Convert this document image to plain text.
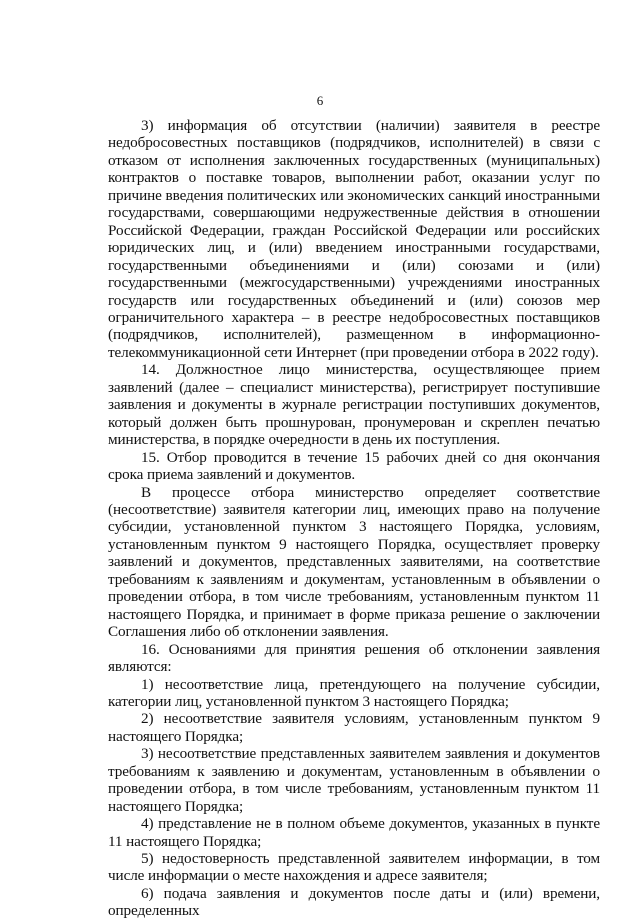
6

3) информация об отсутствии (наличии) заявителя в реестре недобросовестных поставщиков (подрядчиков, исполнителей) в связи с отказом от исполнения заключенных государственных (муниципальных) контрактов о поставке товаров, выполнении работ, оказании услуг по причине введения политических или экономических санкций иностранными государствами, совершающими недружественные действия в отношении Российской Федерации, граждан Российской Федерации или российских юридических лиц, и (или) введением иностранными государствами, государственными объединениями и (или) союзами и (или) государственными (межгосударственными) учреждениями иностранных государств или государственных объединений и (или) союзов мер ограничительного характера – в реестре недобросовестных поставщиков (подрядчиков, исполнителей), размещенном в информационно-телекоммуникационной сети Интернет (при проведении отбора в 2022 году).

14. Должностное лицо министерства, осуществляющее прием заявлений (далее – специалист министерства), регистрирует поступившие заявления и документы в журнале регистрации поступивших документов, который должен быть прошнурован, пронумерован и скреплен печатью министерства, в порядке очередности в день их поступления.

15. Отбор проводится в течение 15 рабочих дней со дня окончания срока приема заявлений и документов.

В процессе отбора министерство определяет соответствие (несоответствие) заявителя категории лиц, имеющих право на получение субсидии, установленной пунктом 3 настоящего Порядка, условиям, установленным пунктом 9 настоящего Порядка, осуществляет проверку заявлений и документов, представленных заявителями, на соответствие требованиям к заявлениям и документам, установленным в объявлении о проведении отбора, в том числе требованиям, установленным пунктом 11 настоящего Порядка, и принимает в форме приказа решение о заключении Соглашения либо об отклонении заявления.

16. Основаниями для принятия решения об отклонении заявления являются:

1) несоответствие лица, претендующего на получение субсидии, категории лиц, установленной пунктом 3 настоящего Порядка;

2) несоответствие заявителя условиям, установленным пунктом 9 настоящего Порядка;

3) несоответствие представленных заявителем заявления и документов требованиям к заявлению и документам, установленным в объявлении о проведении отбора, в том числе требованиям, установленным пунктом 11 настоящего Порядка;

4) представление не в полном объеме документов, указанных в пункте 11 настоящего Порядка;

5) недостоверность представленной заявителем информации, в том числе информации о месте нахождения и адресе заявителя;

6) подача заявления и документов после даты и (или) времени, определенных
